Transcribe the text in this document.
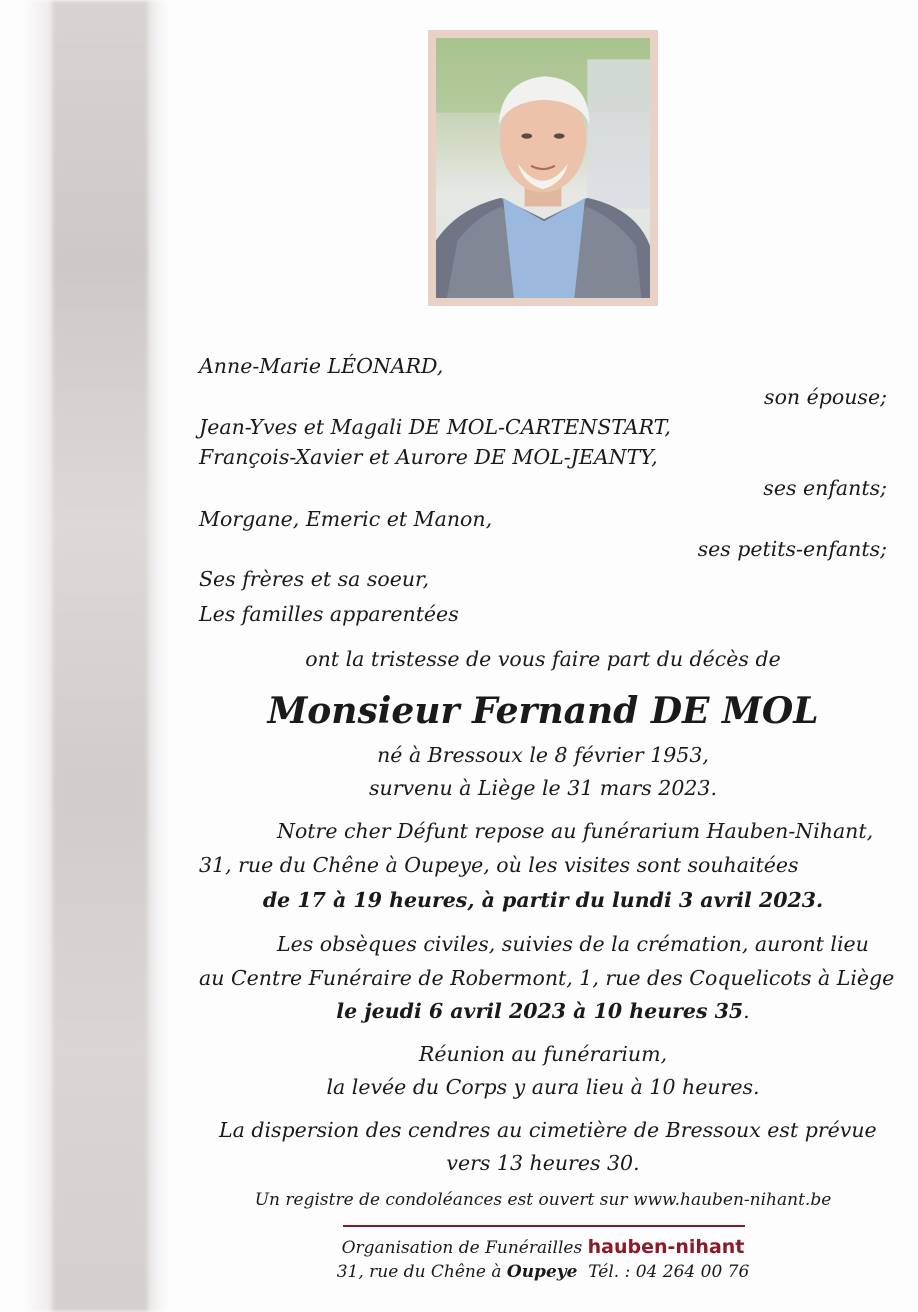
Anne-Marie LÉONARD,
son épouse;
Jean-Yves et Magali DE MOL-CARTENSTART,
François-Xavier et Aurore DE MOL-JEANTY,
ses enfants;
Morgane, Emeric et Manon,
ses petits-enfants;
Ses frères et sa soeur,
Les familles apparentées
ont la tristesse de vous faire part du décès de
Monsieur Fernand DE MOL
né à Bressoux le 8 février 1953,
survenu à Liège le 31 mars 2023.
Notre cher Défunt repose au funérarium Hauben-Nihant,
31, rue du Chêne à Oupeye, où les visites sont souhaitées
de 17 à 19 heures, à partir du lundi 3 avril 2023.
Les obsèques civiles, suivies de la crémation, auront lieu
au Centre Funéraire de Robermont, 1, rue des Coquelicots à Liège
le jeudi 6 avril 2023 à 10 heures 35.
Réunion au funérarium,
la levée du Corps y aura lieu à 10 heures.
La dispersion des cendres au cimetière de Bressoux est prévue
vers 13 heures 30.
Un registre de condoléances est ouvert sur www.hauben-nihant.be
Organisation de Funérailles hauben-nihant
31, rue du Chêne à Oupeye Tél. : 04 264 00 76
